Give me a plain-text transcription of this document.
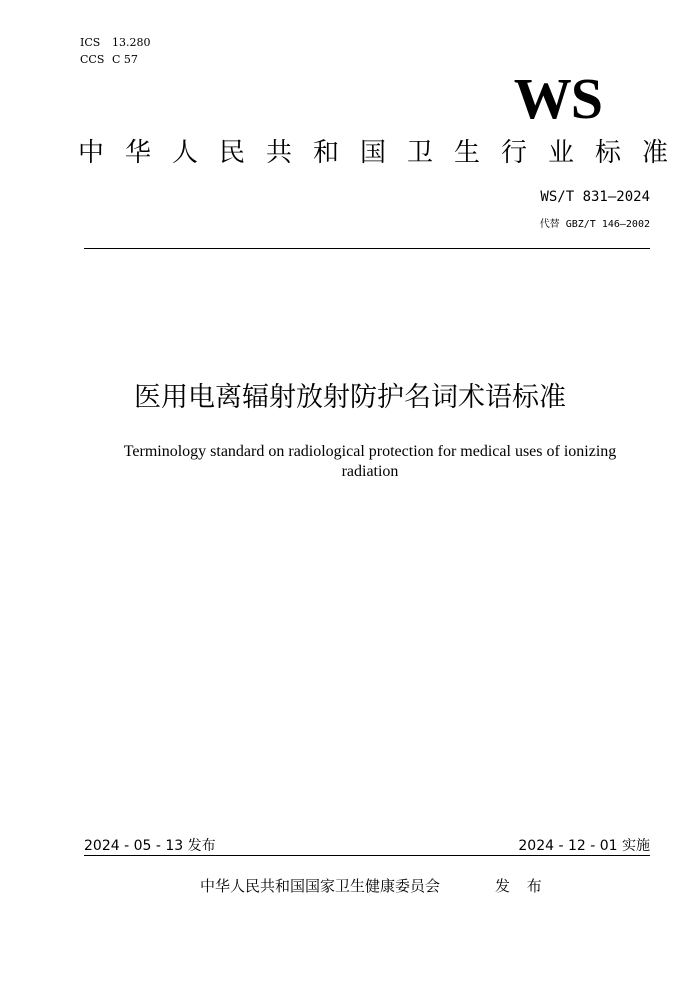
ICS 13.280
CCS C 57
WS
中华人民共和国卫生行业标准
WS/T 831—2024
代替 GBZ/T 146—2002
医用电离辐射放射防护名词术语标准
Terminology standard on radiological protection for medical uses of ionizing radiation
2024 - 05 - 13 发布	2024 - 12 - 01 实施
中华人民共和国国家卫生健康委员会	发 布
